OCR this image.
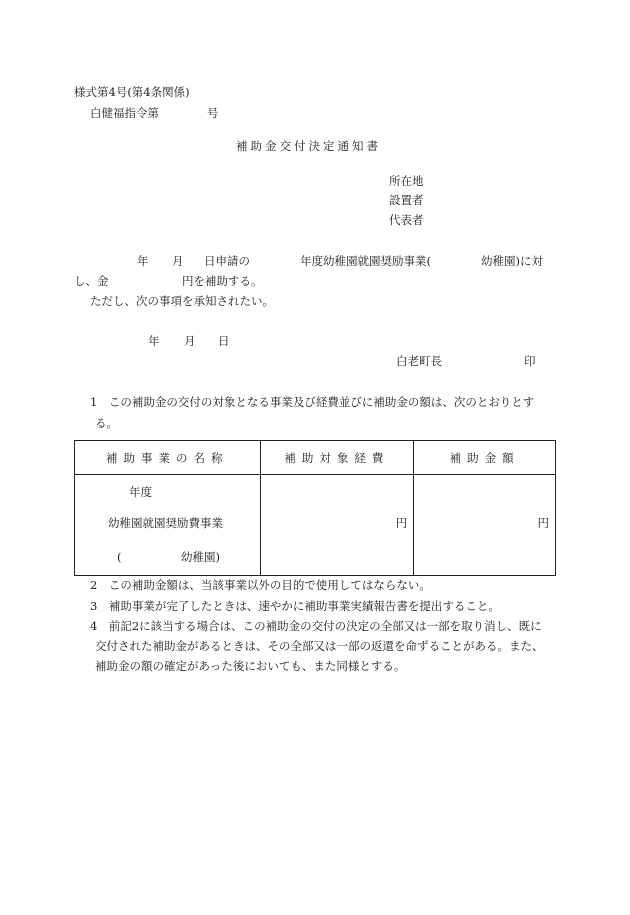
様式第4号(第4条関係)
白健福指令第	号
補助金交付決定通知書
所在地
設置者
代表者
年 月 日申請の	年度幼稚園就園奨励事業(	幼稚園)に対
し、金	円を補助する。
ただし、次の事項を承知されたい。
年 月 日
白老町長	印
1　この補助金の交付の対象となる事業及び経費並びに補助金の額は、次のとおりとす
る。
補助事業の名称	補助対象経費	補助金額

年度
幼稚園就園奨励費事業
( 幼稚園)	円	円
2　この補助金額は、当該事業以外の目的で使用してはならない。
3　補助事業が完了したときは、速やかに補助事業実績報告書を提出すること。
4　前記2に該当する場合は、この補助金の交付の決定の全部又は一部を取り消し、既に
交付された補助金があるときは、その全部又は一部の返還を命ずることがある。また、
補助金の額の確定があった後においても、また同様とする。
